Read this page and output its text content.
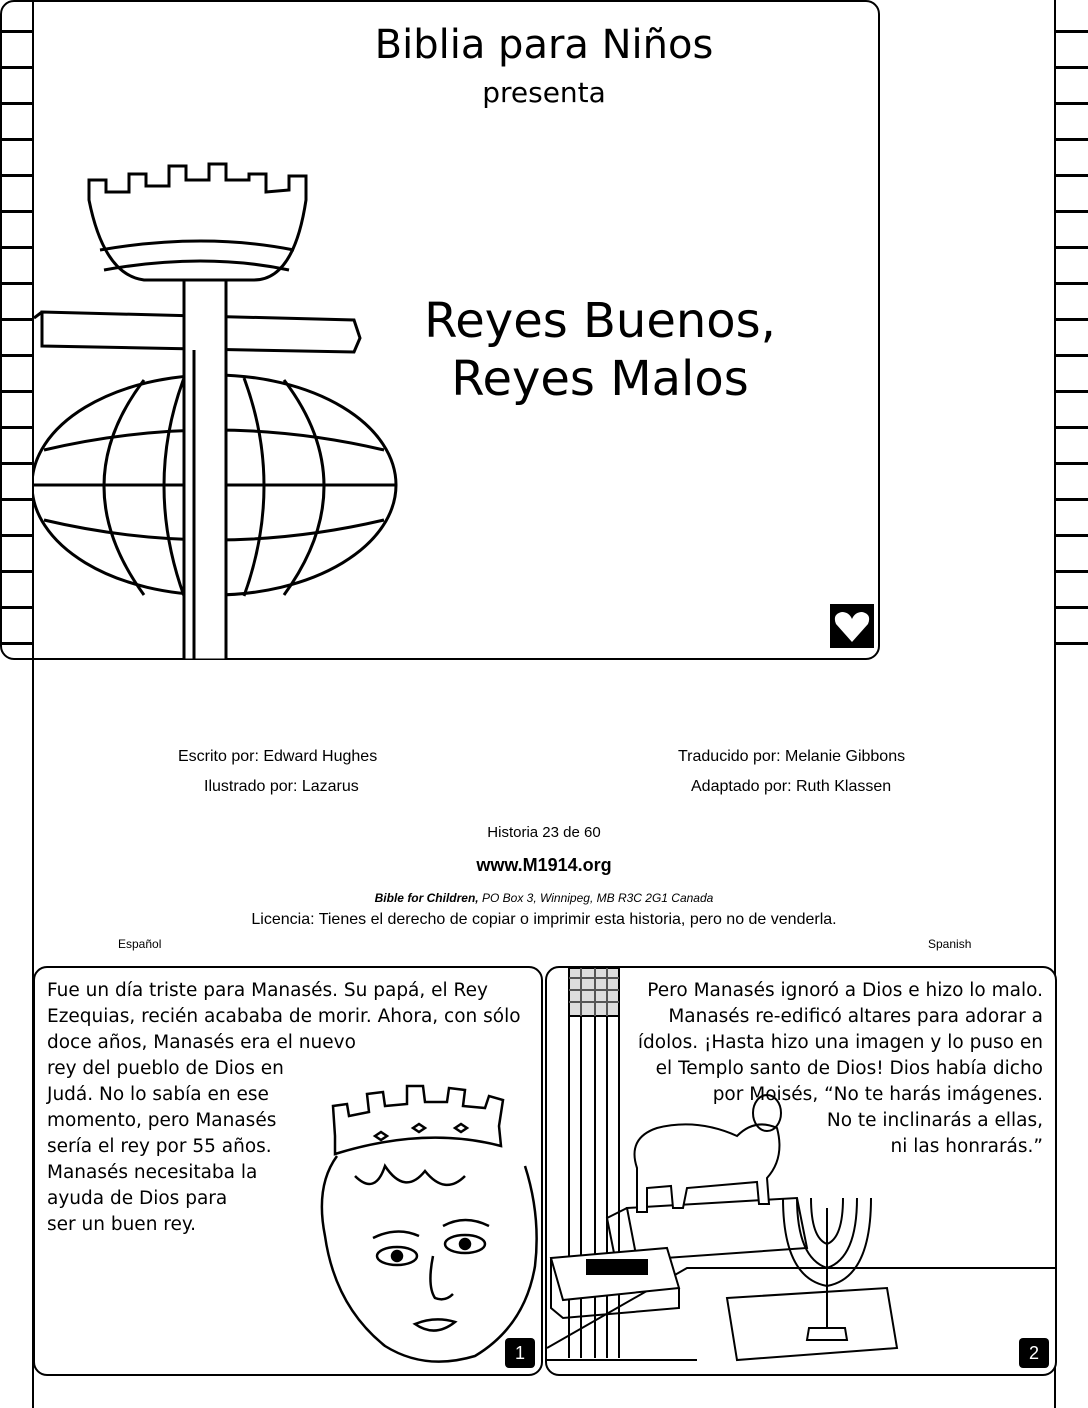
Biblia para Niños
presenta
Reyes Buenos,
Reyes Malos
Escrito por: Edward Hughes
Ilustrado por: Lazarus
Traducido por: Melanie Gibbons
Adaptado por: Ruth Klassen
Historia 23 de 60
www.M1914.org
Bible for Children, PO Box 3, Winnipeg, MB R3C 2G1 Canada
Licencia: Tienes el derecho de copiar o imprimir esta historia, pero no de venderla.
Español	Spanish
Fue un día triste para Manasés. Su papá, el Rey
Ezequias, recién acababa de morir. Ahora, con sólo
doce años, Manasés era el nuevo
rey del pueblo de Dios en
Judá. No lo sabía en ese
momento, pero Manasés
sería el rey por 55 años.
Manasés necesitaba la
ayuda de Dios para
ser un buen rey.
1
Pero Manasés ignoró a Dios e hizo lo malo.
Manasés re-edificó altares para adorar a
ídolos. ¡Hasta hizo una imagen y lo puso en
el Templo santo de Dios! Dios había dicho
por Moisés, “No te harás imágenes.
No te inclinarás a ellas,
ni las honrarás.”
2
